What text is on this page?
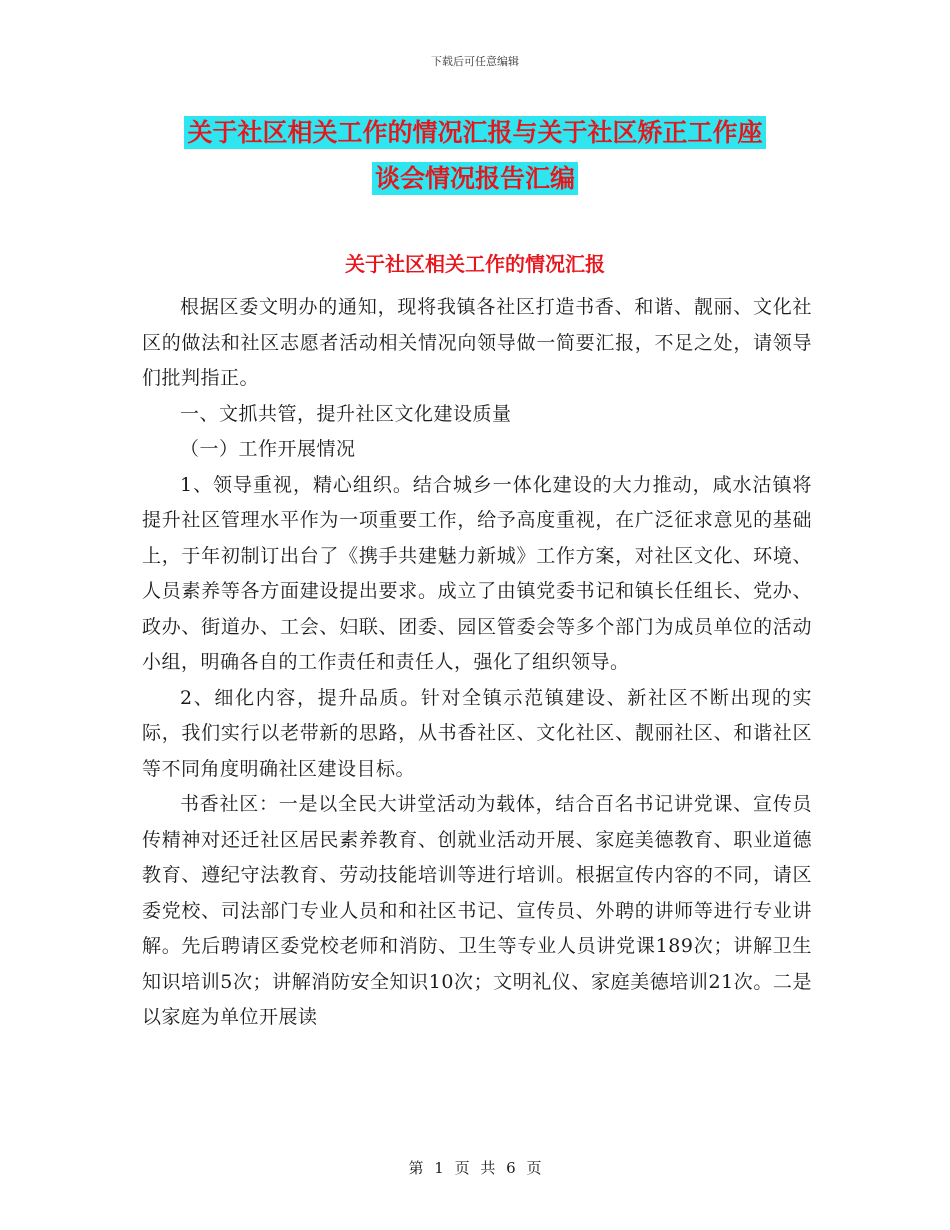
下载后可任意编辑
关于社区相关工作的情况汇报与关于社区矫正工作座
谈会情况报告汇编
关于社区相关工作的情况汇报

根据区委文明办的通知，现将我镇各社区打造书香、和谐、靓丽、文化社区的做法和社区志愿者活动相关情况向领导做一简要汇报，不足之处，请领导们批判指正。

一、文抓共管，提升社区文化建设质量

（一）工作开展情况

1、领导重视，精心组织。结合城乡一体化建设的大力推动，咸水沽镇将提升社区管理水平作为一项重要工作，给予高度重视，在广泛征求意见的基础上，于年初制订出台了《携手共建魅力新城》工作方案，对社区文化、环境、人员素养等各方面建设提出要求。成立了由镇党委书记和镇长任组长、党办、政办、街道办、工会、妇联、团委、园区管委会等多个部门为成员单位的活动小组，明确各自的工作责任和责任人，强化了组织领导。

2、细化内容，提升品质。针对全镇示范镇建设、新社区不断出现的实际，我们实行以老带新的思路，从书香社区、文化社区、靓丽社区、和谐社区等不同角度明确社区建设目标。

书香社区：一是以全民大讲堂活动为载体，结合百名书记讲党课、宣传员传精神对还迁社区居民素养教育、创就业活动开展、家庭美德教育、职业道德教育、遵纪守法教育、劳动技能培训等进行培训。根据宣传内容的不同，请区委党校、司法部门专业人员和和社区书记、宣传员、外聘的讲师等进行专业讲解。先后聘请区委党校老师和消防、卫生等专业人员讲党课189次；讲解卫生知识培训5次；讲解消防安全知识10次；文明礼仪、家庭美德培训21次。二是以家庭为单位开展读

第 1 页 共 6 页
